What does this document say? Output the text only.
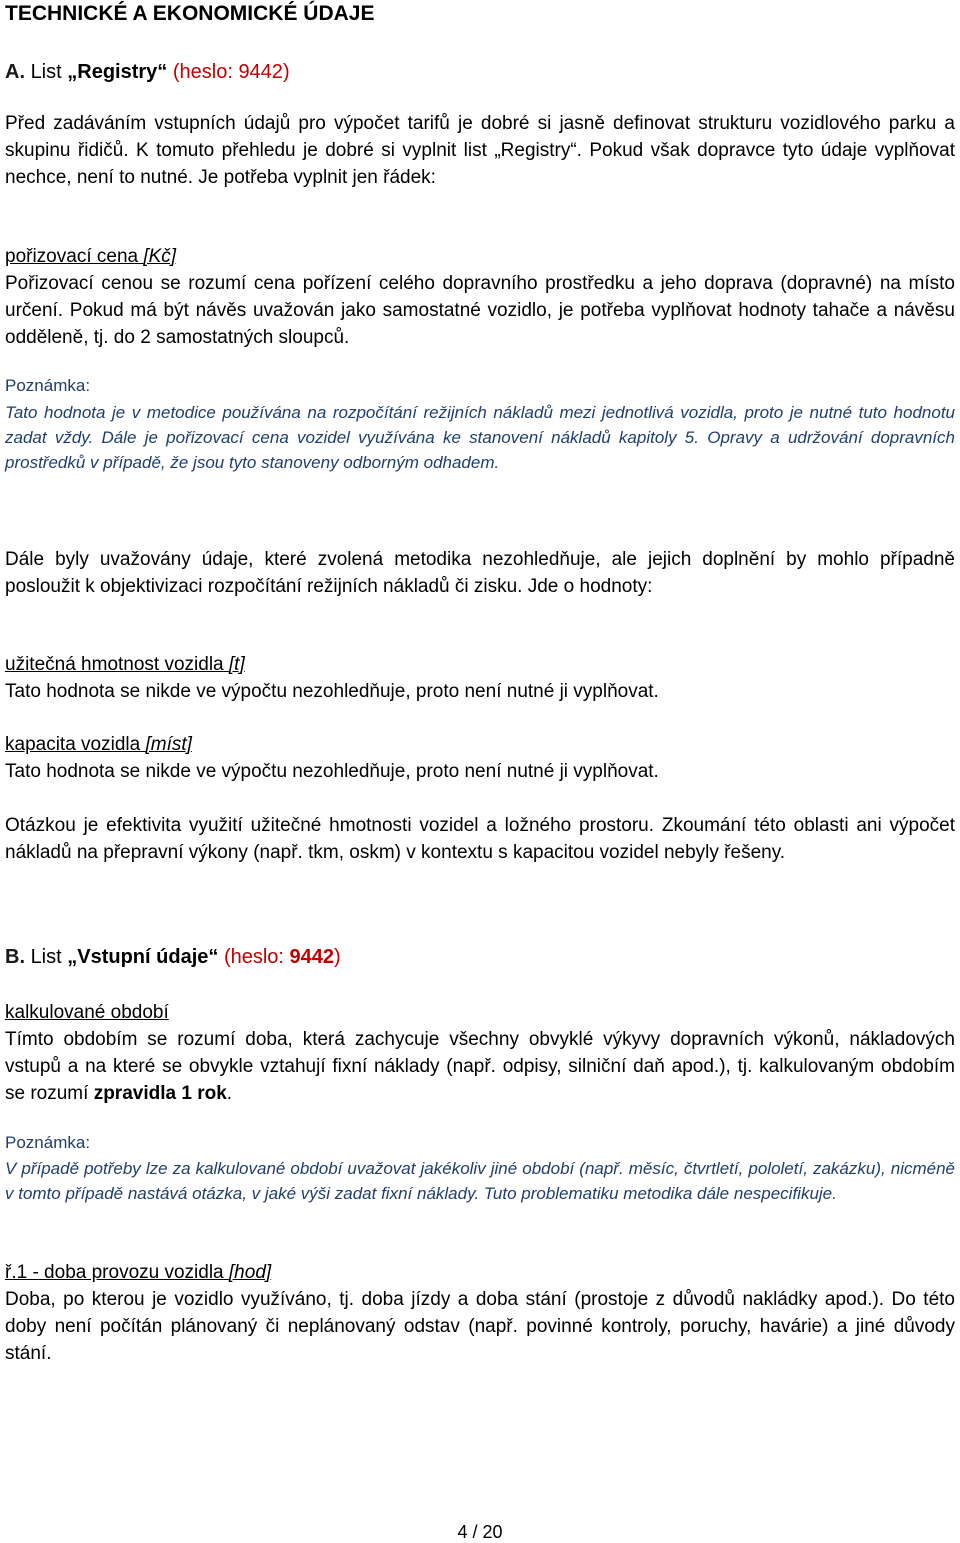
TECHNICKÉ A EKONOMICKÉ ÚDAJE
A. List „Registry“ (heslo: 9442)

Před zadáváním vstupních údajů pro výpočet tarifů je dobré si jasně definovat strukturu vozidlového parku a skupinu řidičů. K tomuto přehledu je dobré si vyplnit list „Registry“. Pokud však dopravce tyto údaje vyplňovat nechce, není to nutné. Je potřeba vyplnit jen řádek:

pořizovací cena [Kč]

Pořizovací cenou se rozumí cena pořízení celého dopravního prostředku a jeho doprava (dopravné) na místo určení. Pokud má být návěs uvažován jako samostatné vozidlo, je potřeba vyplňovat hodnoty tahače a návěsu odděleně, tj. do 2 samostatných sloupců.

Poznámka:

Tato hodnota je v metodice používána na rozpočítání režijních nákladů mezi jednotlivá vozidla, proto je nutné tuto hodnotu zadat vždy. Dále je pořizovací cena vozidel využívána ke stanovení nákladů kapitoly 5. Opravy a udržování dopravních prostředků v případě, že jsou tyto stanoveny odborným odhadem.

Dále byly uvažovány údaje, které zvolená metodika nezohledňuje, ale jejich doplnění by mohlo případně posloužit k objektivizaci rozpočítání režijních nákladů či zisku. Jde o hodnoty:

užitečná hmotnost vozidla [t]

Tato hodnota se nikde ve výpočtu nezohledňuje, proto není nutné ji vyplňovat.

kapacita vozidla [míst]

Tato hodnota se nikde ve výpočtu nezohledňuje, proto není nutné ji vyplňovat.

Otázkou je efektivita využití užitečné hmotnosti vozidel a ložného prostoru. Zkoumání této oblasti ani výpočet nákladů na přepravní výkony (např. tkm, oskm) v kontextu s kapacitou vozidel nebyly řešeny.

B. List „Vstupní údaje“ (heslo: 9442)
kalkulované období

Tímto obdobím se rozumí doba, která zachycuje všechny obvyklé výkyvy dopravních výkonů, nákladových vstupů a na které se obvykle vztahují fixní náklady (např. odpisy, silniční daň apod.), tj. kalkulovaným obdobím se rozumí zpravidla 1 rok.

Poznámka:

V případě potřeby lze za kalkulované období uvažovat jakékoliv jiné období (např. měsíc, čtvrtletí, pololetí, zakázku), nicméně v tomto případě nastává otázka, v jaké výši zadat fixní náklady. Tuto problematiku metodika dále nespecifikuje.

ř.1 - doba provozu vozidla [hod]

Doba, po kterou je vozidlo využíváno, tj. doba jízdy a doba stání (prostoje z důvodů nakládky apod.). Do této doby není počítán plánovaný či neplánovaný odstav (např. povinné kontroly, poruchy, havárie) a jiné důvody stání.

4 / 20
